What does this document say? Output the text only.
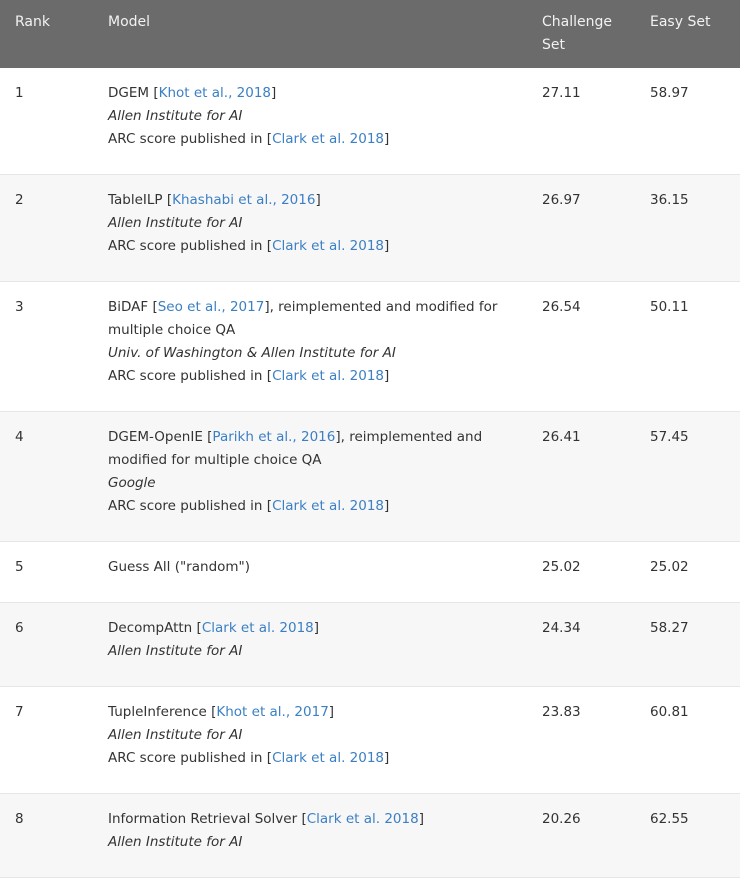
Rank	Model	Challenge Set	Easy Set
1	DGEM [Khot et al., 2018]
Allen Institute for AI
ARC score published in [Clark et al. 2018]	27.11	58.97
2	TableILP [Khashabi et al., 2016]
Allen Institute for AI
ARC score published in [Clark et al. 2018]	26.97	36.15
3	BiDAF [Seo et al., 2017], reimplemented and modified for multiple choice QA
Univ. of Washington & Allen Institute for AI
ARC score published in [Clark et al. 2018]	26.54	50.11
4	DGEM-OpenIE [Parikh et al., 2016], reimplemented and modified for multiple choice QA
Google
ARC score published in [Clark et al. 2018]	26.41	57.45
5	Guess All ("random")	25.02	25.02
6	DecompAttn [Clark et al. 2018]
Allen Institute for AI	24.34	58.27
7	TupleInference [Khot et al., 2017]
Allen Institute for AI
ARC score published in [Clark et al. 2018]	23.83	60.81
8	Information Retrieval Solver [Clark et al. 2018]
Allen Institute for AI	20.26	62.55
